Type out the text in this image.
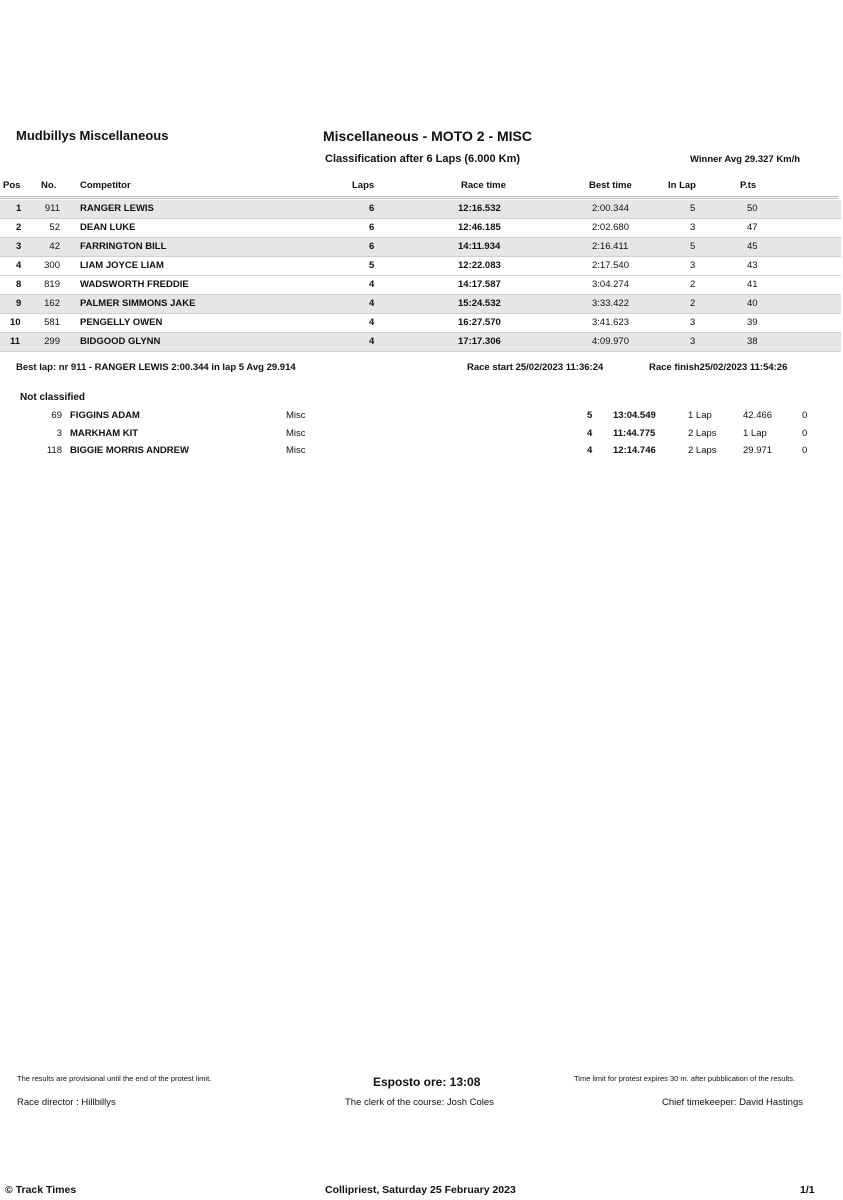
Mudbillys Miscellaneous	Miscellaneous - MOTO 2 - MISC
Classification after 6 Laps (6.000 Km)	Winner Avg 29.327 Km/h
Pos No. Competitor	Laps	Race time	Best time	In Lap	P.ts
1 911 RANGER LEWIS	6	12:16.532	2:00.344	5	50
2	52 DEAN LUKE	6	12:46.185	2:02.680	3	47
3	42 FARRINGTON BILL	6	14:11.934	2:16.411	5	45
4 300 LIAM JOYCE LIAM	5	12:22.083	2:17.540	3	43
8 819 WADSWORTH FREDDIE	4	14:17.587	3:04.274	2	41
9 162 PALMER SIMMONS JAKE	4	15:24.532	3:33.422	2	40
10 581 PENGELLY OWEN	4	16:27.570	3:41.623	3	39
11	299 BIDGOOD GLYNN	4	17:17.306	4:09.970	3	38
Best lap: nr 911 - RANGER LEWIS 2:00.344 in lap 5 Avg 29.914	Race start 25/02/2023 11:36:24	Race finish25/02/2023 11:54:26
Not classified
69 FIGGINS ADAM	Misc	5 13:04.549	1 Lap	42.466	0
3 MARKHAM KIT	Misc	4 11:44.775	2 Laps	1 Lap	0
118 BIGGIE MORRIS ANDREW	Misc	4 12:14.746	2 Laps	29.971	0
The results are provisional until the end of the protest limit.	Esposto ore: 13:08	Time limit for protest expires 30 m. after pubblication of the results.
Race director : Hillbillys	The clerk of the course: Josh Coles	Chief timekeeper: David Hastings
© Track Times	Collipriest, Saturday 25 February 2023	1/1
